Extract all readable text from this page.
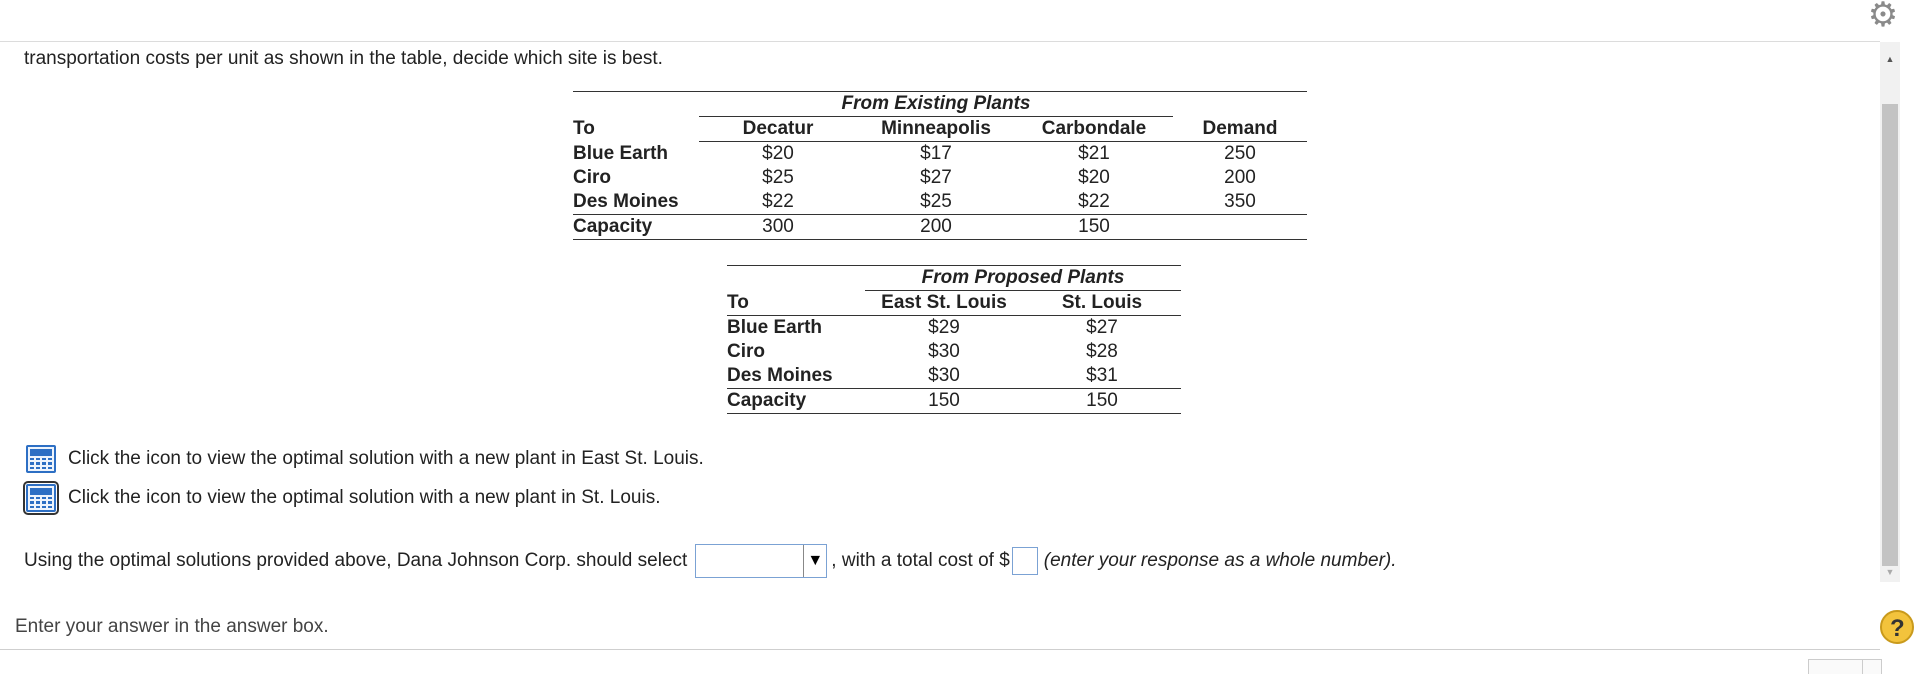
⚙
transportation costs per unit as shown in the table, decide which site is best.
	From Existing Plants			
To	Decatur	Minneapolis	Carbondale	Demand
Blue Earth	$20	$17	$21	250
Ciro	$25	$27	$20	200
Des Moines	$22	$25	$22	350
Capacity	300	200	150	
	From Proposed Plants	
To	East St. Louis	St. Louis
Blue Earth	$29	$27
Ciro	$30	$28
Des Moines	$30	$31
Capacity	150	150
Click the icon to view the optimal solution with a new plant in East St. Louis.
Click the icon to view the optimal solution with a new plant in St. Louis.
Using the optimal solutions provided above, Dana Johnson Corp. should select	▼ , with a total cost of $ (enter your response as a whole number).
Enter your answer in the answer box.
▲
▼
?
